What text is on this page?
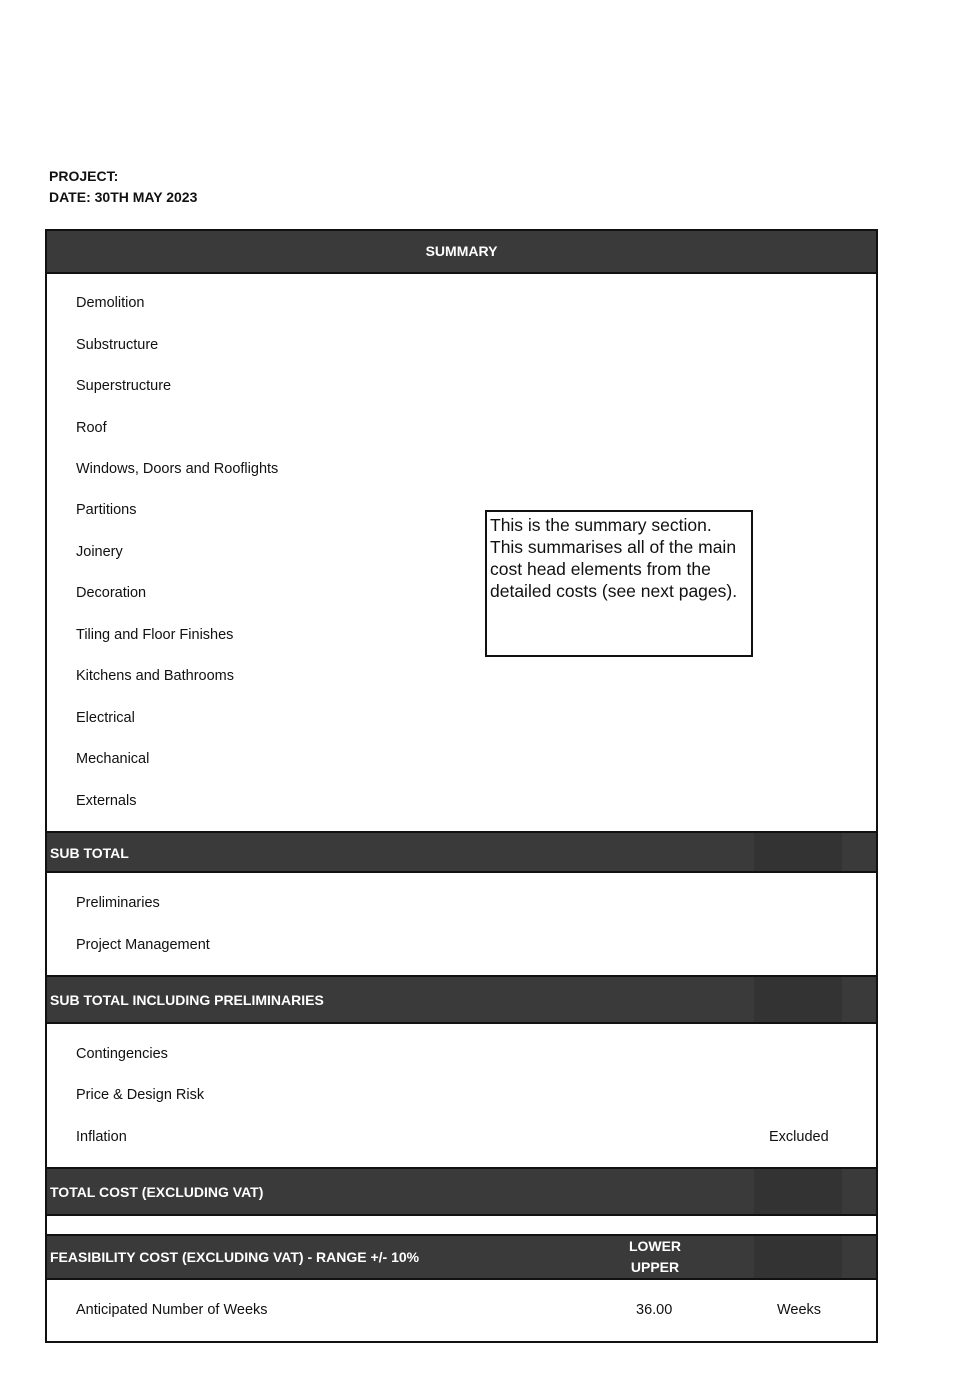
PROJECT:
DATE: 30TH MAY 2023
SUMMARY
Demolition
Substructure
Superstructure
Roof
Windows, Doors and Rooflights
Partitions
Joinery
Decoration
Tiling and Floor Finishes
Kitchens and Bathrooms
Electrical
Mechanical
Externals
This is the summary section. This summarises all of the main cost head elements from the detailed costs (see next pages).
SUB TOTAL
Preliminaries
Project Management
SUB TOTAL INCLUDING PRELIMINARIES
Contingencies
Price & Design Risk
Inflation	Excluded
TOTAL COST (EXCLUDING VAT)
FEASIBILITY COST (EXCLUDING VAT) - RANGE +/- 10%
LOWER
UPPER
Anticipated Number of Weeks	36.00	Weeks
